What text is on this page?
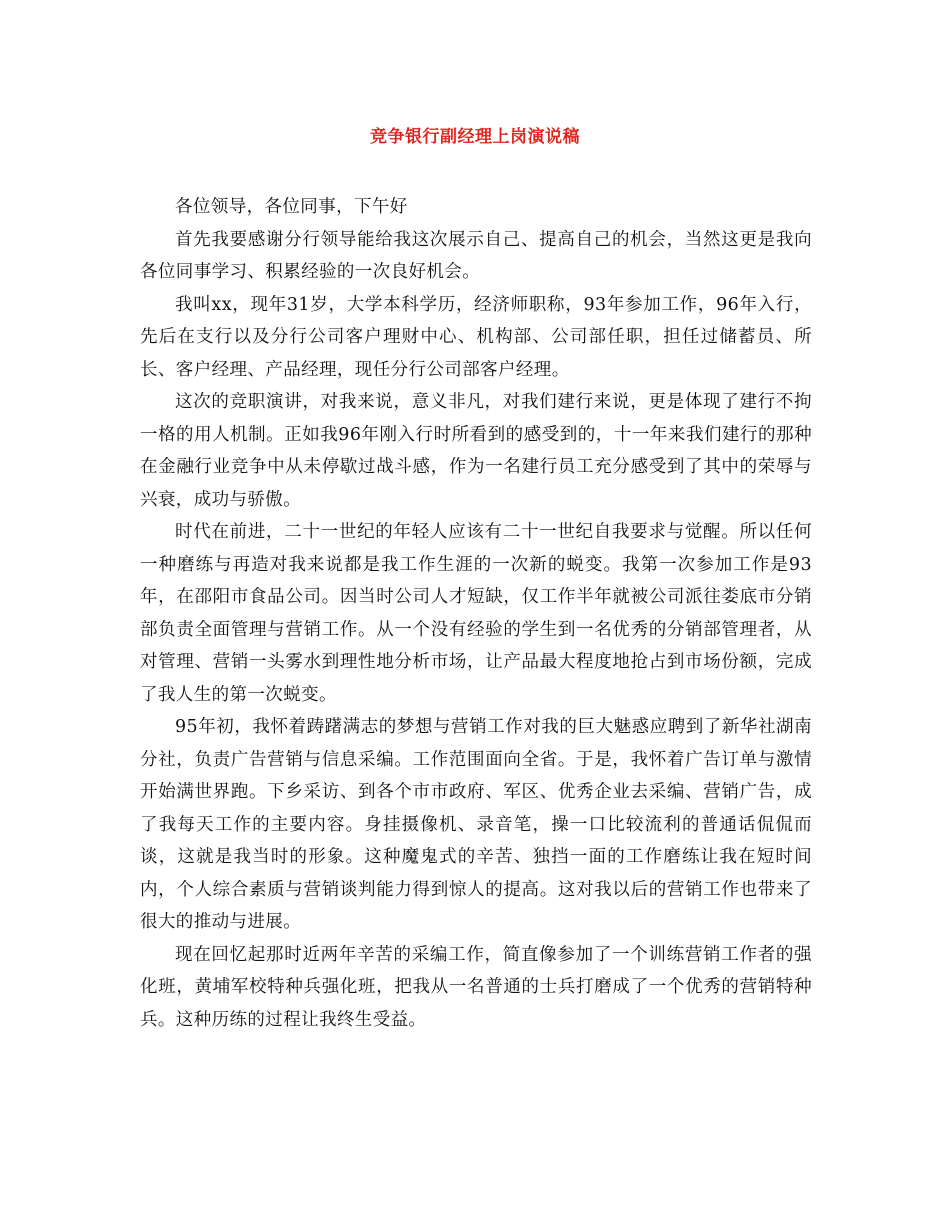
竞争银行副经理上岗演说稿

各位领导，各位同事，下午好

首先我要感谢分行领导能给我这次展示自己、提高自己的机会，当然这更是我向各位同事学习、积累经验的一次良好机会。

我叫xx，现年31岁，大学本科学历，经济师职称，93年参加工作，96年入行，先后在支行以及分行公司客户理财中心、机构部、公司部任职，担任过储蓄员、所长、客户经理、产品经理，现任分行公司部客户经理。

这次的竞职演讲，对我来说，意义非凡，对我们建行来说，更是体现了建行不拘一格的用人机制。正如我96年刚入行时所看到的感受到的，十一年来我们建行的那种在金融行业竞争中从未停歇过战斗感，作为一名建行员工充分感受到了其中的荣辱与兴衰，成功与骄傲。

时代在前进，二十一世纪的年轻人应该有二十一世纪自我要求与觉醒。所以任何一种磨练与再造对我来说都是我工作生涯的一次新的蜕变。我第一次参加工作是93年，在邵阳市食品公司。因当时公司人才短缺，仅工作半年就被公司派往娄底市分销部负责全面管理与营销工作。从一个没有经验的学生到一名优秀的分销部管理者，从对管理、营销一头雾水到理性地分析市场，让产品最大程度地抢占到市场份额，完成了我人生的第一次蜕变。

95年初，我怀着踌躇满志的梦想与营销工作对我的巨大魅惑应聘到了新华社湖南分社，负责广告营销与信息采编。工作范围面向全省。于是，我怀着广告订单与激情开始满世界跑。下乡采访、到各个市市政府、军区、优秀企业去采编、营销广告，成了我每天工作的主要内容。身挂摄像机、录音笔，操一口比较流利的普通话侃侃而谈，这就是我当时的形象。这种魔鬼式的辛苦、独挡一面的工作磨练让我在短时间内，个人综合素质与营销谈判能力得到惊人的提高。这对我以后的营销工作也带来了很大的推动与进展。

现在回忆起那时近两年辛苦的采编工作，简直像参加了一个训练营销工作者的强化班，黄埔军校特种兵强化班，把我从一名普通的士兵打磨成了一个优秀的营销特种兵。这种历练的过程让我终生受益。
